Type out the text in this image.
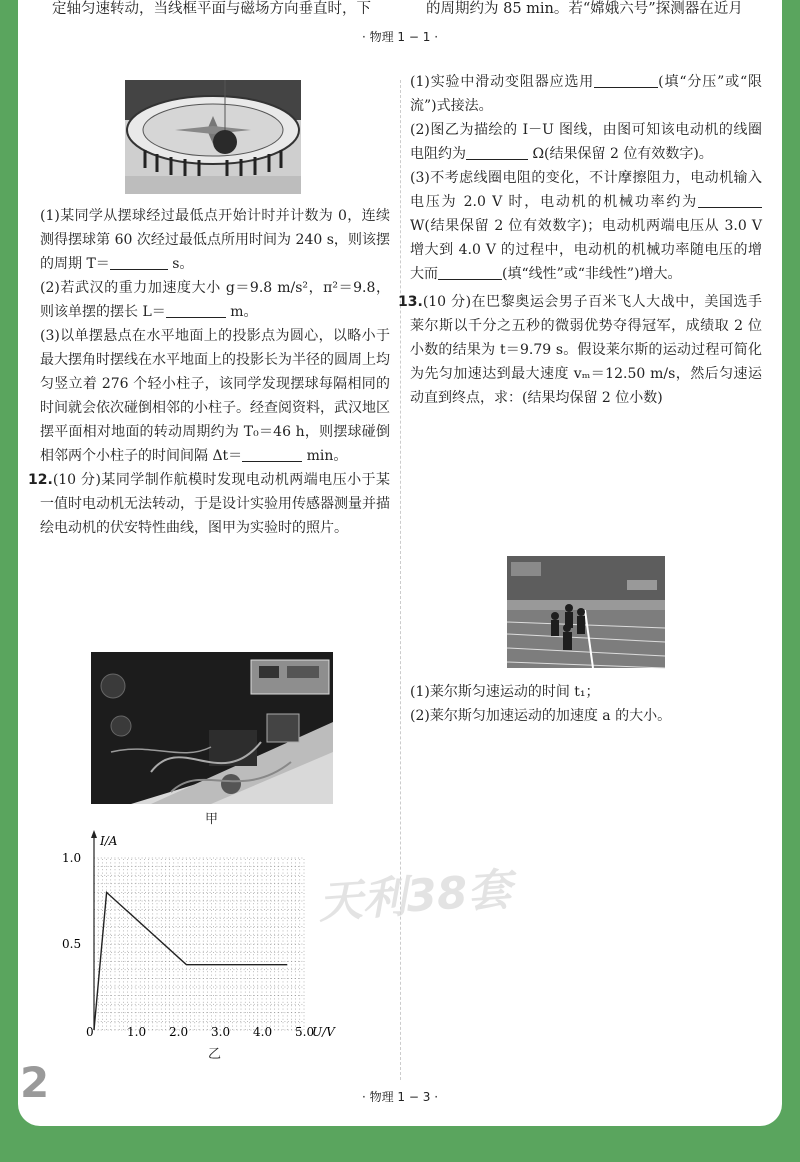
定轴匀速转动，当线框平面与磁场方向垂直时，下	的周期约为 85 min。若“嫦娥六号”探测器在近月
· 物理 1 − 1 ·

(1)某同学从摆球经过最低点开始计时并计数为 0，连续测得摆球第 60 次经过最低点所用时间为 240 s，则该摆的周期 T＝	s。

(2)若武汉的重力加速度大小 g＝9.8 m/s²，π²＝9.8，则该单摆的摆长 L＝	m。

(3)以单摆悬点在水平地面上的投影点为圆心，以略小于最大摆角时摆线在水平地面上的投影长为半径的圆周上均匀竖立着 276 个轻小柱子，该同学发现摆球每隔相同的时间就会依次碰倒相邻的小柱子。经查阅资料，武汉地区摆平面相对地面的转动周期约为 T₀＝46 h，则摆球碰倒相邻两个小柱子的时间间隔 Δt＝	min。

12.(10 分)某同学制作航模时发现电动机两端电压小于某一值时电动机无法转动，于是设计实验用传感器测量并描绘电动机的伏安特性曲线，图甲为实验时的照片。

甲
I/A
0	1.0 2.0 3.0 4.0 5.0
0.5
1.0
U/V
乙

(1)实验中滑动变阻器应选用	(填“分压”或“限流”)式接法。

(2)图乙为描绘的 I－U 图线，由图可知该电动机的线圈电阻约为	Ω(结果保留 2 位有效数字)。

(3)不考虑线圈电阻的变化，不计摩擦阻力，电动机输入电压为 2.0 V 时，电动机的机械功率约为 W(结果保留 2 位有效数字)；电动机两端电压从 3.0 V 增大到 4.0 V 的过程中，电动机的机械功率随电压的增大而	(填“线性”或“非线性”)增大。

13.(10 分)在巴黎奥运会男子百米飞人大战中，美国选手莱尔斯以千分之五秒的微弱优势夺得冠军，成绩取 2 位小数的结果为 t＝9.79 s。假设莱尔斯的运动过程可简化为先匀加速达到最大速度 vₘ＝12.50 m/s，然后匀速运动直到终点，求：(结果均保留 2 位小数)

(1)莱尔斯匀速运动的时间 t₁；

(2)莱尔斯匀加速运动的加速度 a 的大小。

天利38套
2	· 物理 1 − 3 ·
